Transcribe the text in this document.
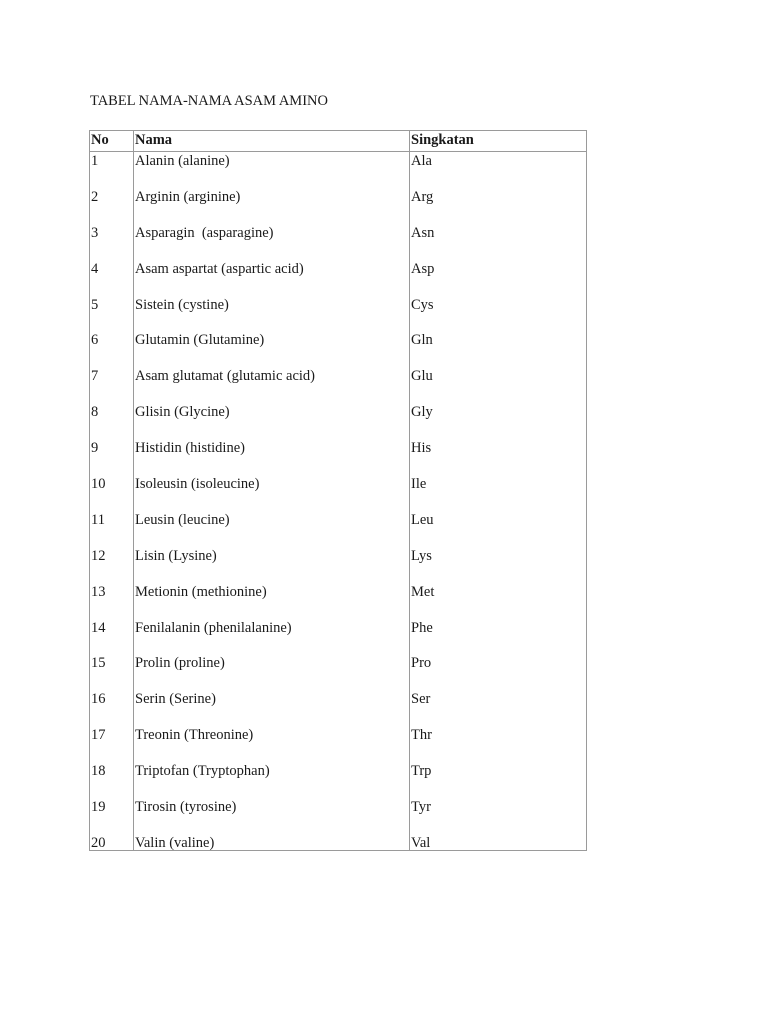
TABEL NAMA-NAMA ASAM AMINO
No Nama	Singkatan
1	Alanin (alanine)	Ala
2	Arginin (arginine)	Arg
3	Asparagin  (asparagine)	Asn
4	Asam aspartat (aspartic acid)	Asp
5	Sistein (cystine)	Cys
6	Glutamin (Glutamine)	Gln
7	Asam glutamat (glutamic acid)	Glu
8	Glisin (Glycine)	Gly
9	Histidin (histidine)	His
10 Isoleusin (isoleucine)	Ile
11 Leusin (leucine)	Leu
12 Lisin (Lysine)	Lys
13 Metionin (methionine)	Met
14 Fenilalanin (phenilalanine)	Phe
15 Prolin (proline)	Pro
16 Serin (Serine)	Ser
17 Treonin (Threonine)	Thr
18 Triptofan (Tryptophan)	Trp
19 Tirosin (tyrosine)	Tyr
20 Valin (valine)	Val
